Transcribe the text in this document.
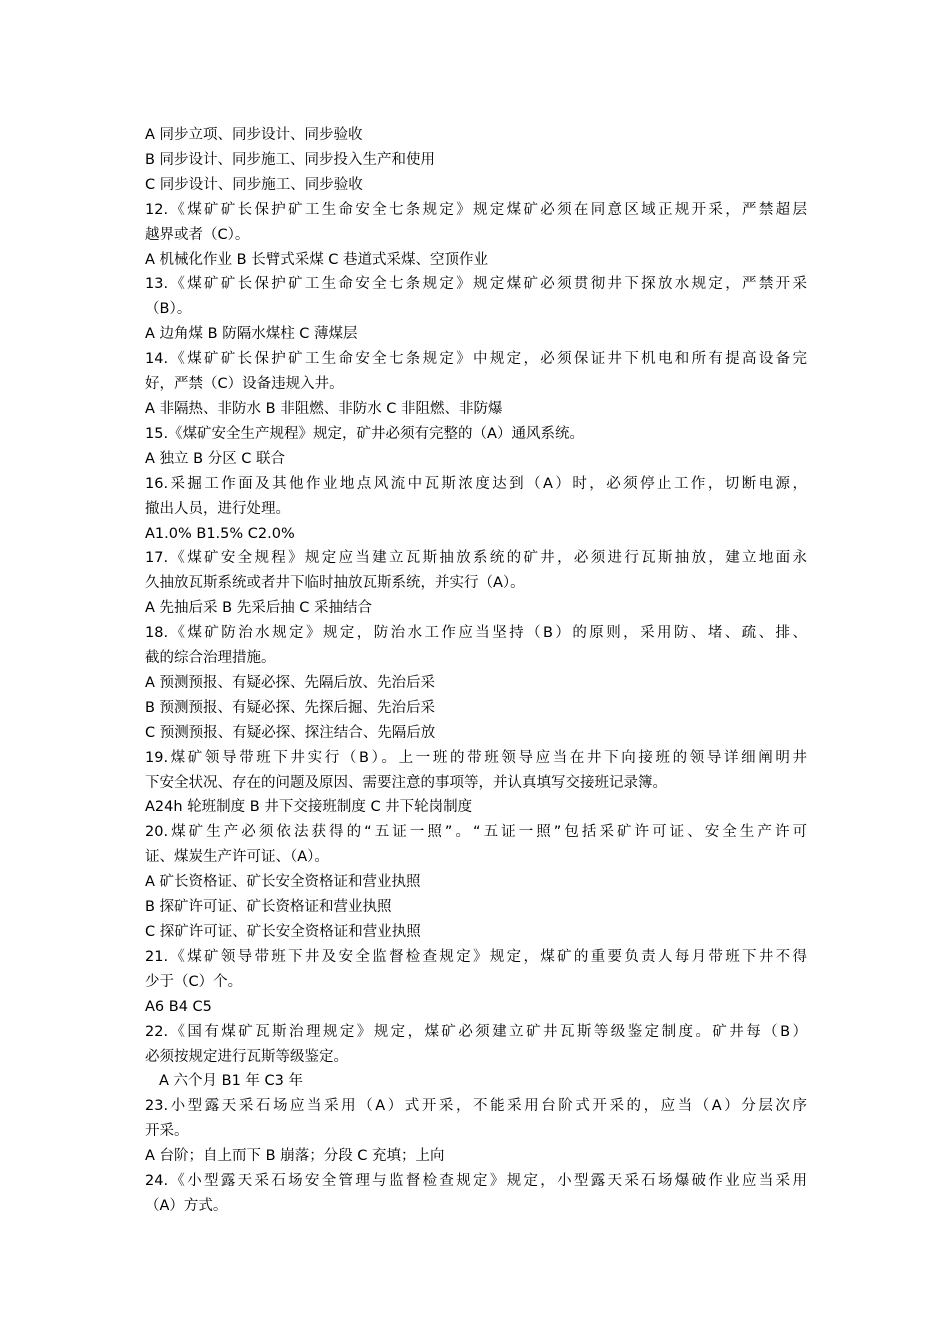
A 同步立项、同步设计、同步验收
B 同步设计、同步施工、同步投入生产和使用
C 同步设计、同步施工、同步验收
12.《煤矿矿长保护矿工生命安全七条规定》规定煤矿必须在同意区域正规开采，严禁超层
越界或者（C）。
A 机械化作业 B 长臂式采煤 C 巷道式采煤、空顶作业
13.《煤矿矿长保护矿工生命安全七条规定》规定煤矿必须贯彻井下探放水规定，严禁开采
（B）。
A 边角煤 B 防隔水煤柱 C 薄煤层
14.《煤矿矿长保护矿工生命安全七条规定》中规定，必须保证井下机电和所有提高设备完
好，严禁（C）设备违规入井。
A 非隔热、非防水 B 非阻燃、非防水 C 非阻燃、非防爆
15.《煤矿安全生产规程》规定，矿井必须有完整的（A）通风系统。
A 独立 B 分区 C 联合
16.采掘工作面及其他作业地点风流中瓦斯浓度达到（A）时，必须停止工作，切断电源，
撤出人员，进行处理。
A1.0% B1.5% C2.0%
17.《煤矿安全规程》规定应当建立瓦斯抽放系统的矿井，必须进行瓦斯抽放，建立地面永
久抽放瓦斯系统或者井下临时抽放瓦斯系统，并实行（A）。
A 先抽后采 B 先采后抽 C 采抽结合
18.《煤矿防治水规定》规定，防治水工作应当坚持（B）的原则，采用防、堵、疏、排、
截的综合治理措施。
A 预测预报、有疑必探、先隔后放、先治后采
B 预测预报、有疑必探、先探后掘、先治后采
C 预测预报、有疑必探、探注结合、先隔后放
19.煤矿领导带班下井实行（B）。上一班的带班领导应当在井下向接班的领导详细阐明井
下安全状况、存在的问题及原因、需要注意的事项等，并认真填写交接班记录簿。
A24h 轮班制度 B 井下交接班制度 C 井下轮岗制度
20.煤矿生产必须依法获得的“五证一照”。“五证一照”包括采矿许可证、安全生产许可
证、煤炭生产许可证、（A）。
A 矿长资格证、矿长安全资格证和营业执照
B 探矿许可证、矿长资格证和营业执照
C 探矿许可证、矿长安全资格证和营业执照
21.《煤矿领导带班下井及安全监督检查规定》规定，煤矿的重要负责人每月带班下井不得
少于（C）个。
A6 B4 C5
22.《国有煤矿瓦斯治理规定》规定，煤矿必须建立矿井瓦斯等级鉴定制度。矿井每（B）
必须按规定进行瓦斯等级鉴定。
A 六个月 B1 年 C3 年
23.小型露天采石场应当采用（A）式开采，不能采用台阶式开采的，应当（A）分层次序
开采。
A 台阶；自上而下 B 崩落；分段 C 充填；上向
24.《小型露天采石场安全管理与监督检查规定》规定，小型露天采石场爆破作业应当采用
（A）方式。
